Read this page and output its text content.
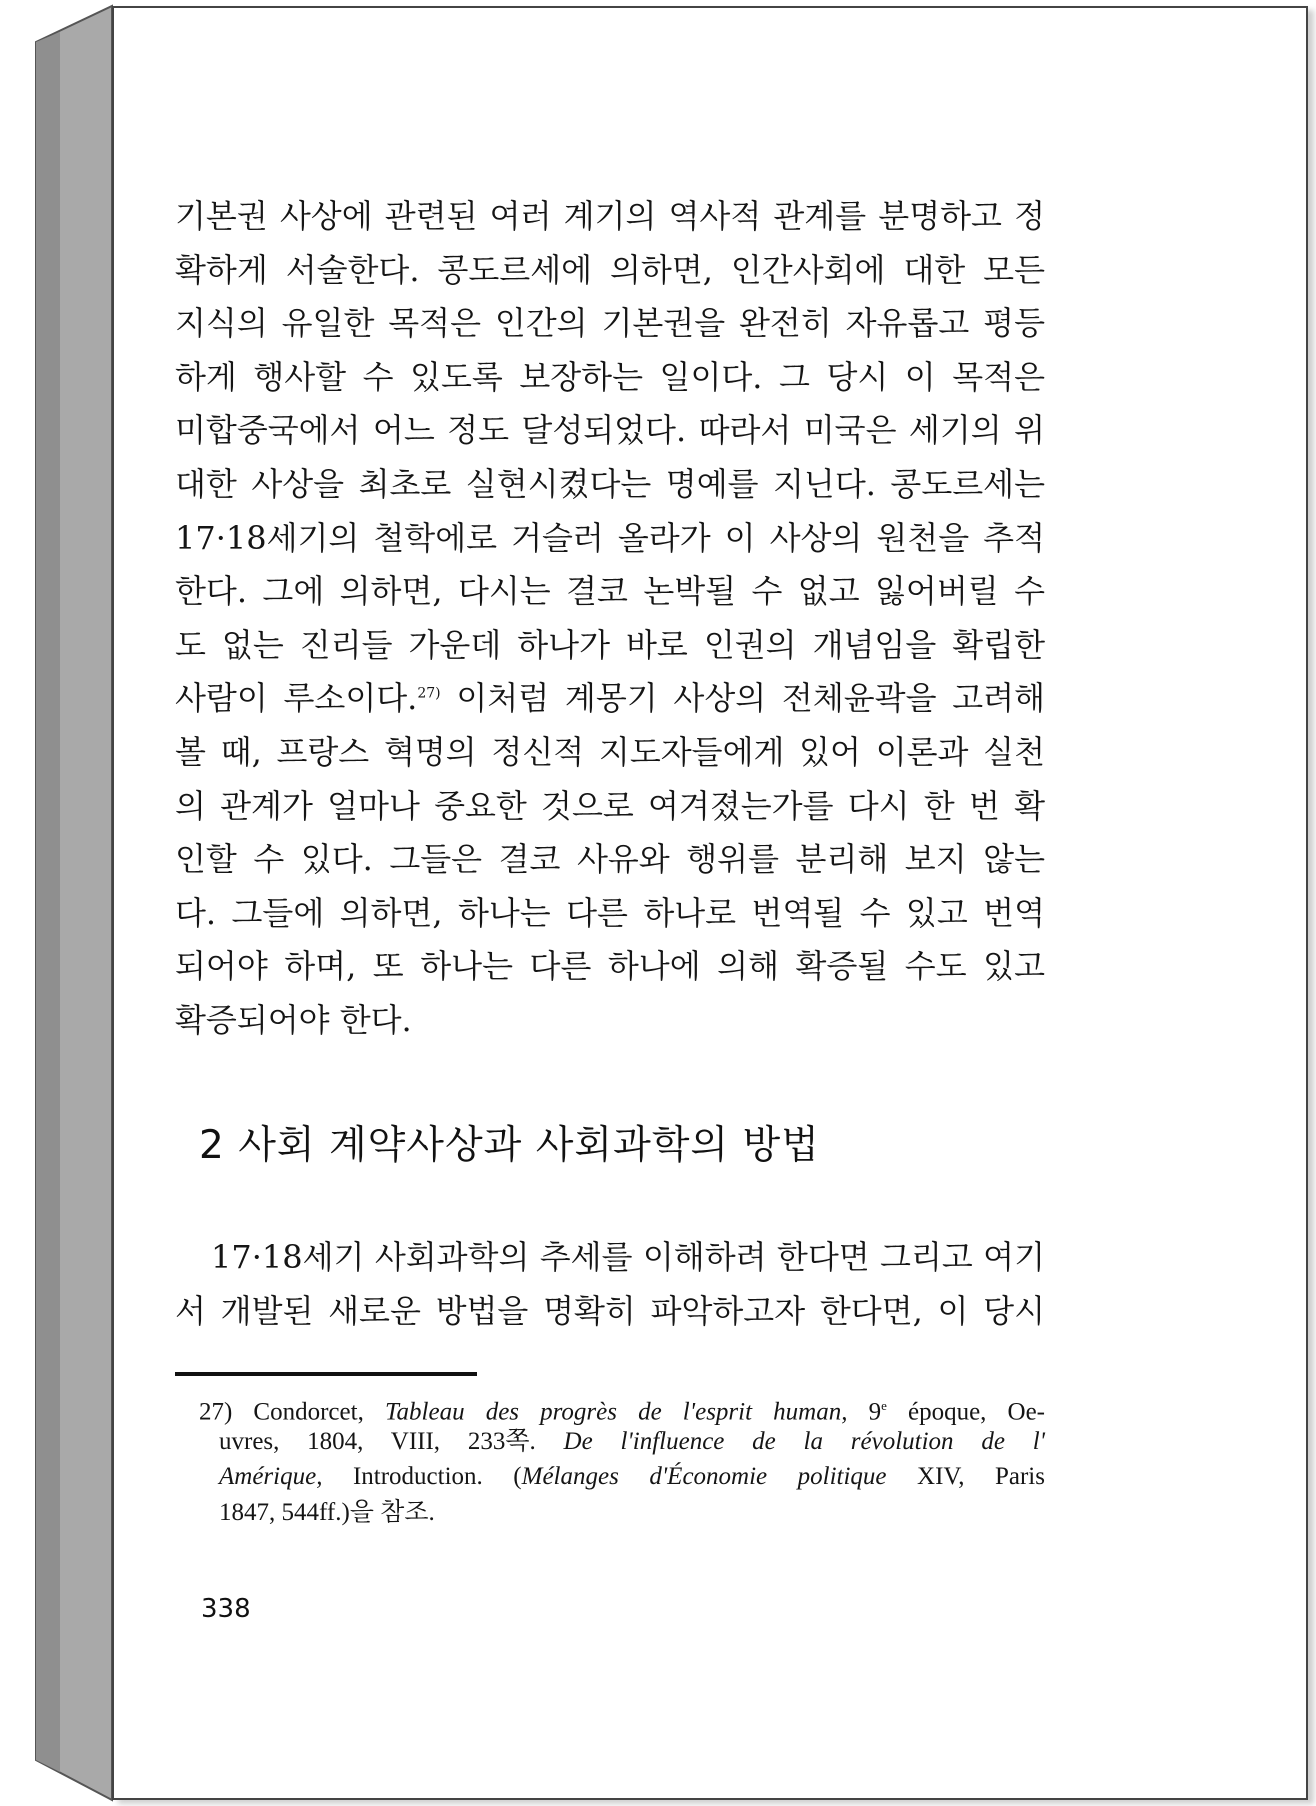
기본권 사상에 관련된 여러 계기의 역사적 관계를 분명하고 정
확하게 서술한다. 콩도르세에 의하면, 인간사회에 대한 모든
지식의 유일한 목적은 인간의 기본권을 완전히 자유롭고 평등
하게 행사할 수 있도록 보장하는 일이다. 그 당시 이 목적은
미합중국에서 어느 정도 달성되었다. 따라서 미국은 세기의 위
대한 사상을 최초로 실현시켰다는 명예를 지닌다. 콩도르세는
17·18세기의 철학에로 거슬러 올라가 이 사상의 원천을 추적
한다. 그에 의하면, 다시는 결코 논박될 수 없고 잃어버릴 수
도 없는 진리들 가운데 하나가 바로 인권의 개념임을 확립한
사람이 루소이다.$^{27)}$ 이처럼 계몽기 사상의 전체윤곽을 고려해
볼 때, 프랑스 혁명의 정신적 지도자들에게 있어 이론과 실천
의 관계가 얼마나 중요한 것으로 여겨졌는가를 다시 한 번 확
인할 수 있다. 그들은 결코 사유와 행위를 분리해 보지 않는
다. 그들에 의하면, 하나는 다른 하나로 번역될 수 있고 번역
되어야 하며, 또 하나는 다른 하나에 의해 확증될 수도 있고
확증되어야 한다.
2 사회 계약사상과 사회과학의 방법
17·18세기 사회과학의 추세를 이해하려 한다면 그리고 여기
서 개발된 새로운 방법을 명확히 파악하고자 한다면, 이 당시
27) Condorcet, Tableau des progrès de l'esprit human, 9e époque, Oe-
uvres, 1804, VIII, 233쪽. De l'influence de la révolution de l'
Amérique, Introduction. (Mélanges d'Économie politique XIV, Paris
1847, 544ff.)을 참조.
338
